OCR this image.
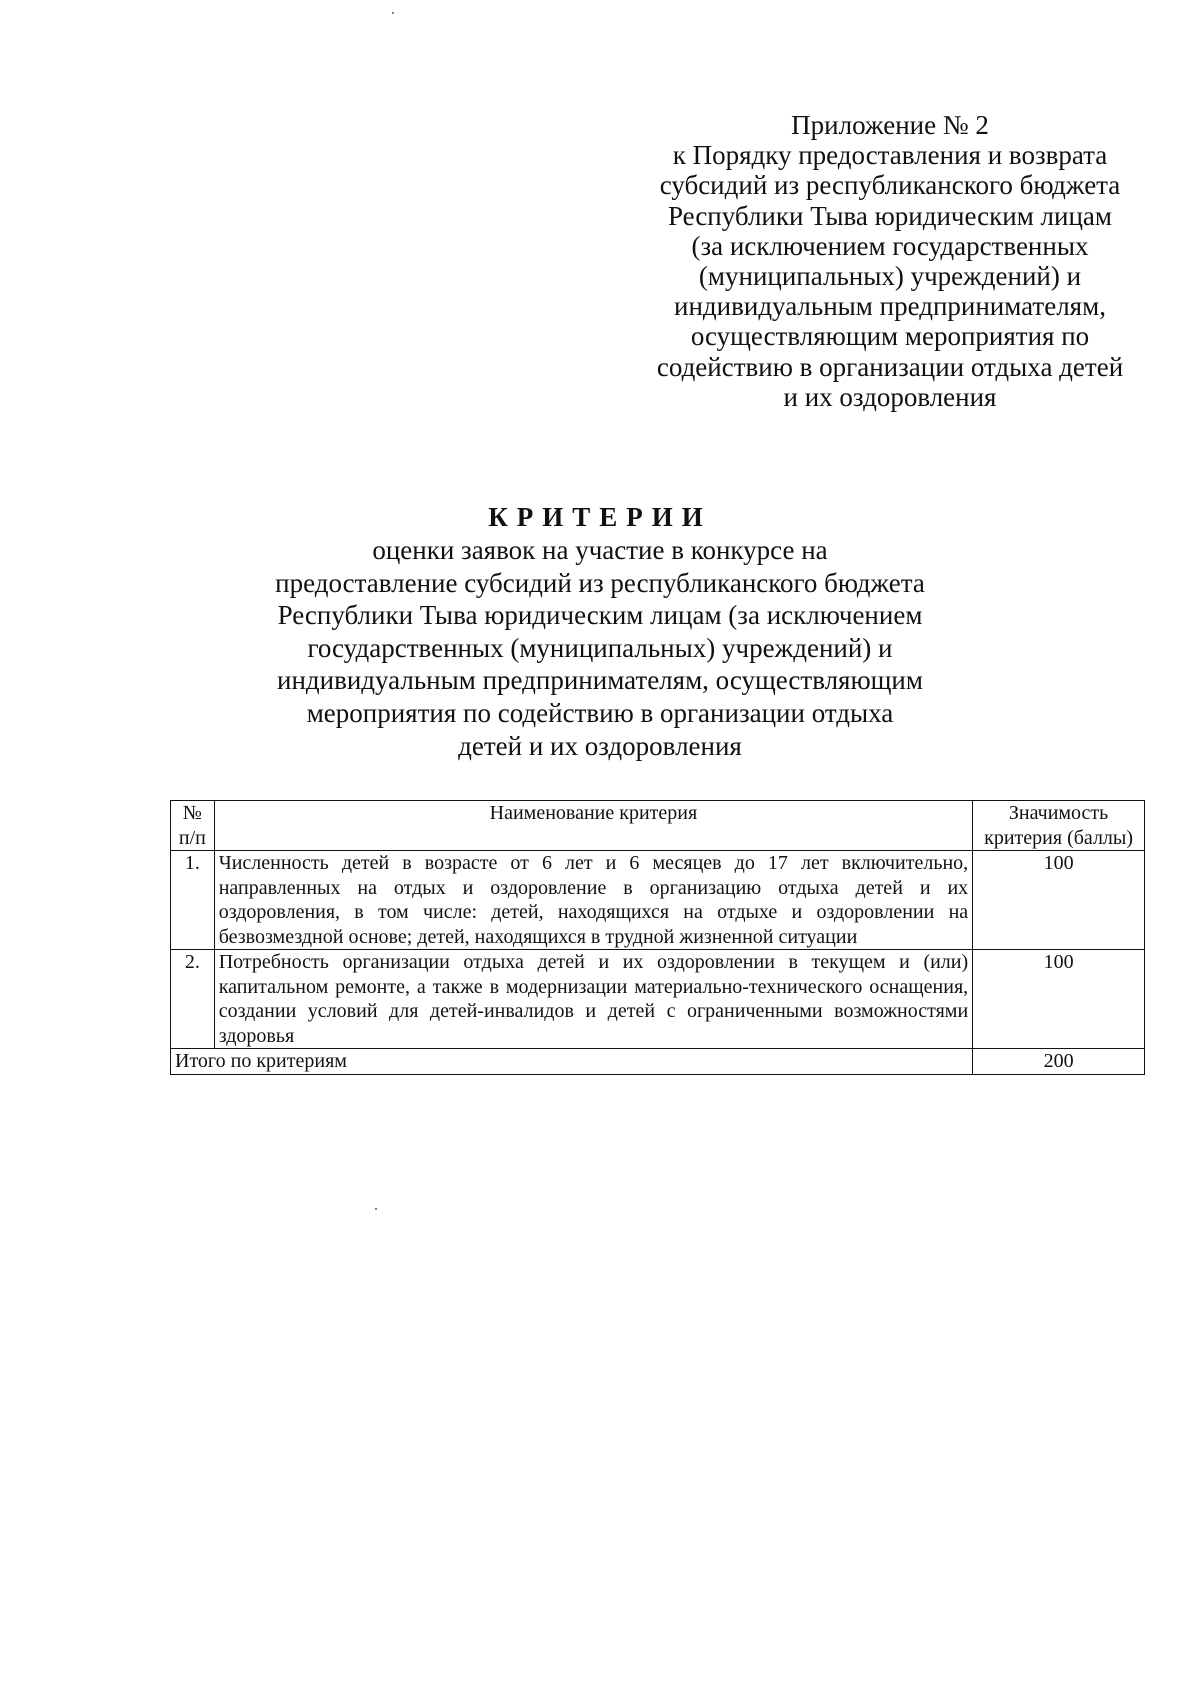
Приложение № 2
к Порядку предоставления и возврата
субсидий из республиканского бюджета
Республики Тыва юридическим лицам
(за исключением государственных
(муниципальных) учреждений) и
индивидуальным предпринимателям,
осуществляющим мероприятия по
содействию в организации отдыха детей
и их оздоровления
КРИТЕРИИ
оценки заявок на участие в конкурсе на
предоставление субсидий из республиканского бюджета
Республики Тыва юридическим лицам (за исключением
государственных (муниципальных) учреждений) и
индивидуальным предпринимателям, осуществляющим
мероприятия по содействию в организации отдыха
детей и их оздоровления
№ п/п	Наименование критерия	Значимость критерия (баллы)
1.	Численность детей в возрасте от 6 лет и 6 месяцев до 17 лет включительно, направленных на отдых и оздоровление в организацию отдыха детей и их оздоровления, в том числе: детей, находящихся на отдыхе и оздоровлении на безвозмездной основе; детей, находящихся в трудной жизненной ситуации	100
2.	Потребность организации отдыха детей и их оздоровлении в текущем и (или) капитальном ремонте, а также в модернизации материально-технического оснащения, создании условий для детей-инвалидов и детей с ограниченными возможностями здоровья	100
Итого по критериям		200
